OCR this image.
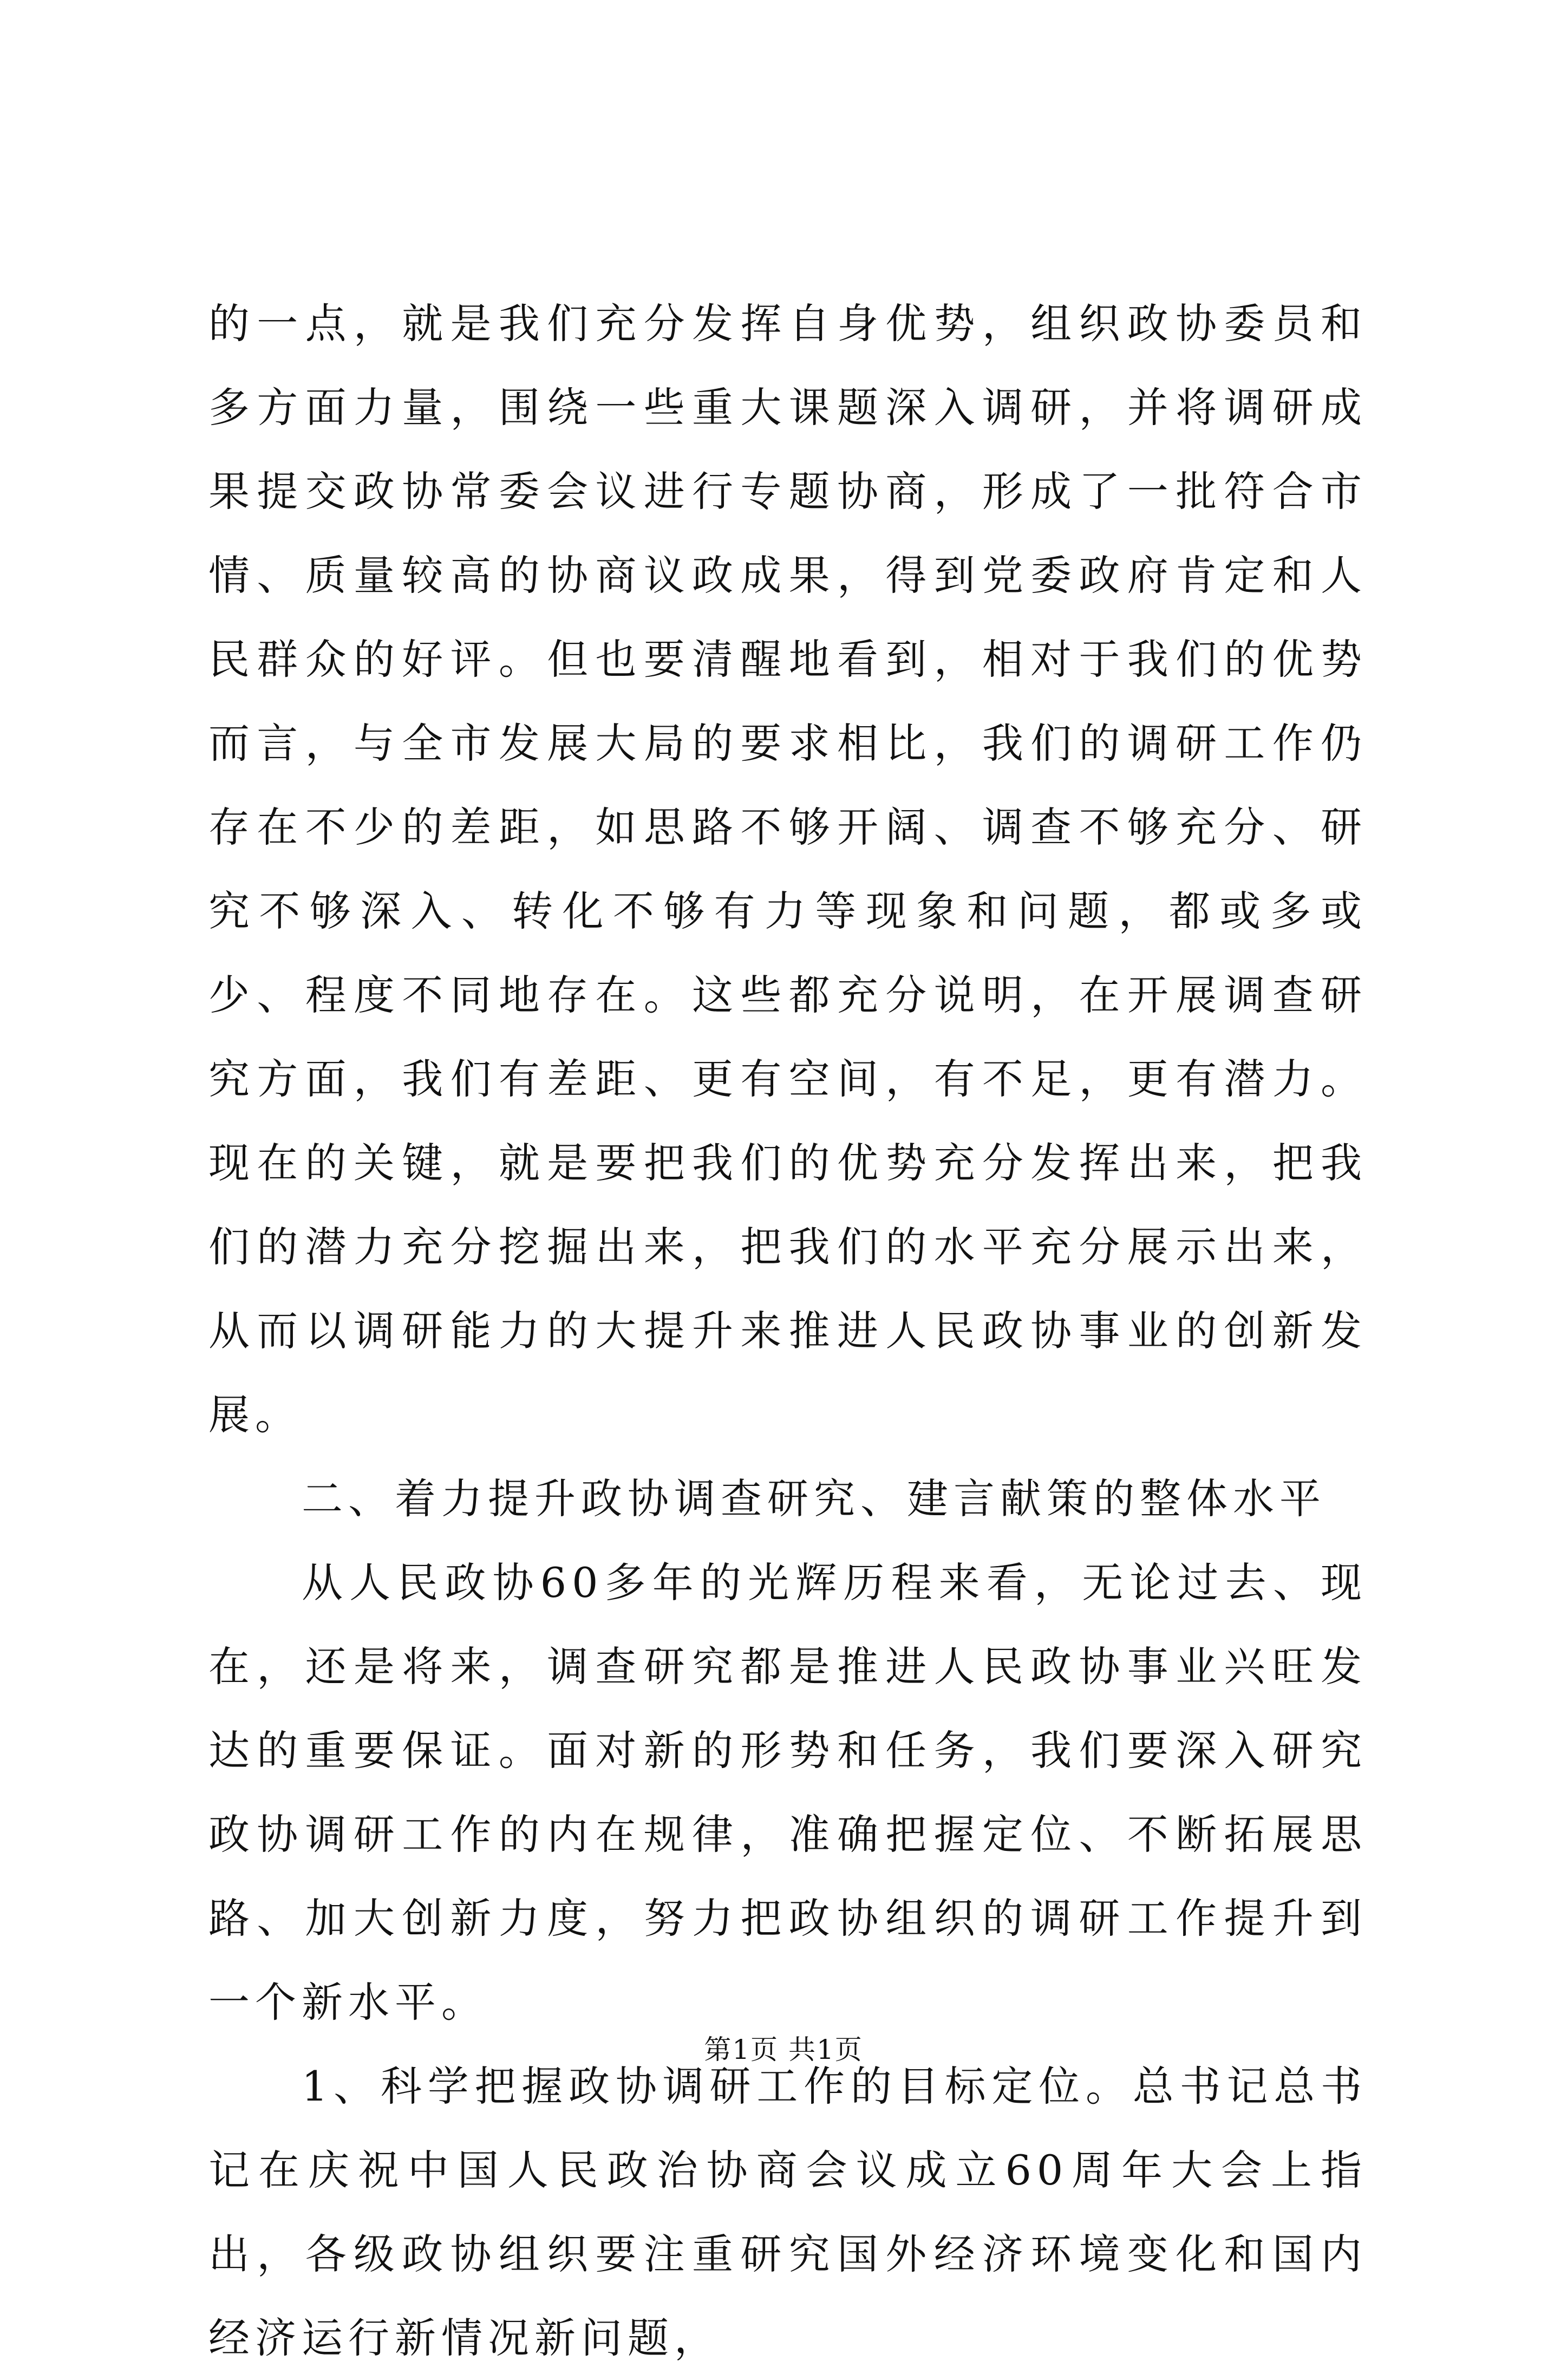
的一点，就是我们充分发挥自身优势，组织政协委员和多方面力量，围绕一些重大课题深入调研，并将调研成果提交政协常委会议进行专题协商，形成了一批符合市情、质量较高的协商议政成果，得到党委政府肯定和人民群众的好评。但也要清醒地看到，相对于我们的优势而言，与全市发展大局的要求相比，我们的调研工作仍存在不少的差距，如思路不够开阔、调查不够充分、研究不够深入、转化不够有力等现象和问题，都或多或少、程度不同地存在。这些都充分说明，在开展调查研究方面，我们有差距、更有空间，有不足，更有潜力。现在的关键，就是要把我们的优势充分发挥出来，把我们的潜力充分挖掘出来，把我们的水平充分展示出来，从而以调研能力的大提升来推进人民政协事业的创新发展。

二、着力提升政协调查研究、建言献策的整体水平

从人民政协60多年的光辉历程来看，无论过去、现在，还是将来，调查研究都是推进人民政协事业兴旺发达的重要保证。面对新的形势和任务，我们要深入研究政协调研工作的内在规律，准确把握定位、不断拓展思路、加大创新力度，努力把政协组织的调研工作提升到一个新水平。

1、科学把握政协调研工作的目标定位。总书记总书记在庆祝中国人民政治协商会议成立60周年大会上指出，各级政协组织要注重研究国外经济环境变化和国内经济运行新情况新问题，

第1页 共1页
